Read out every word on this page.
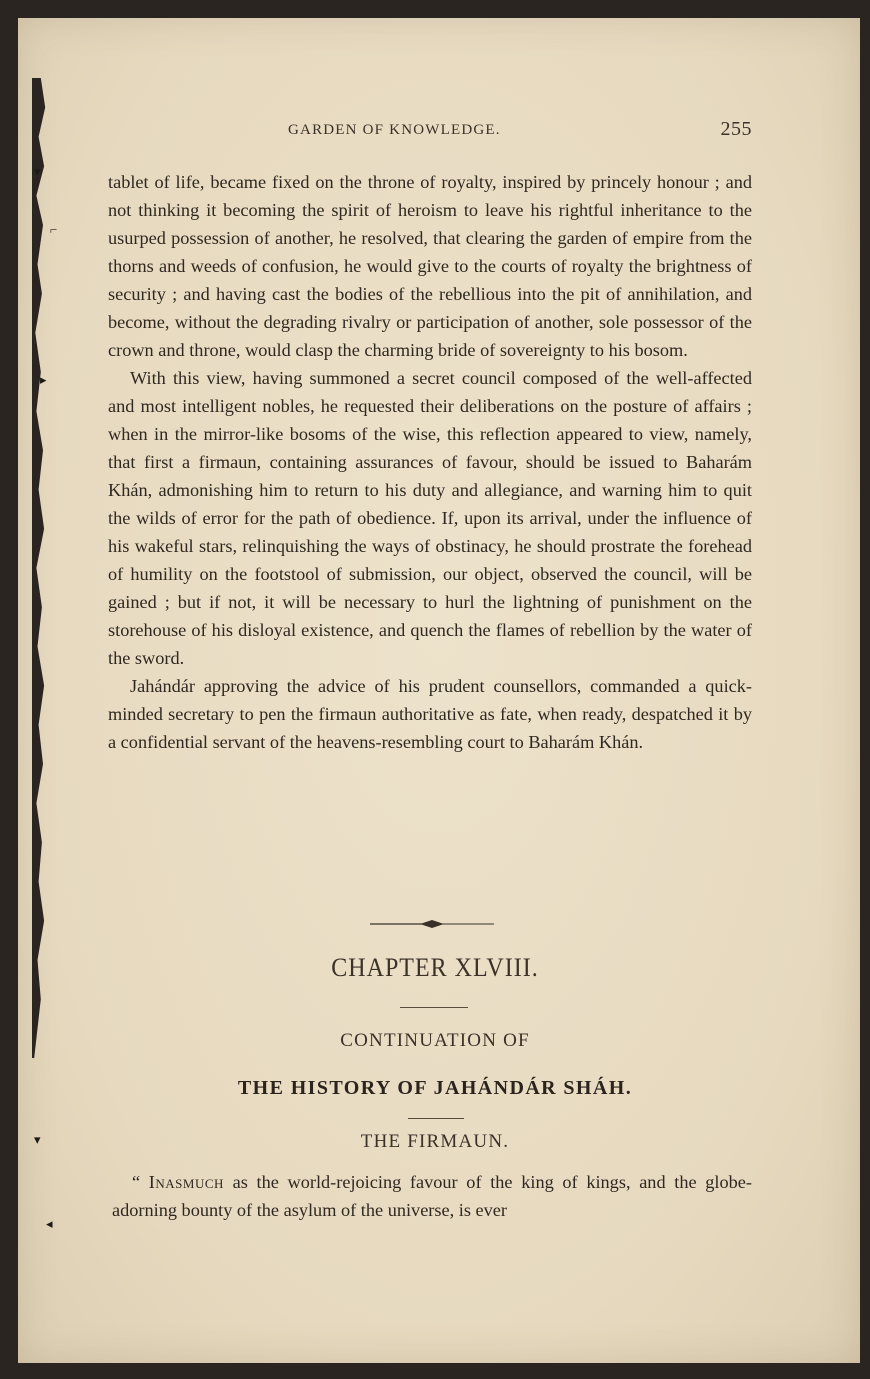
▾
⌐
▸
▾
◂
GARDEN OF KNOWLEDGE.	255

tablet of life, became fixed on the throne of royalty, inspired by princely honour ; and not thinking it becoming the spirit of heroism to leave his rightful inheritance to the usurped possession of another, he resolved, that clearing the garden of empire from the thorns and weeds of confusion, he would give to the courts of royalty the brightness of security ; and having cast the bodies of the rebellious into the pit of annihilation, and become, without the degrading rivalry or participation of another, sole possessor of the crown and throne, would clasp the charming bride of sovereignty to his bosom.

With this view, having summoned a secret council composed of the well-affected and most intelligent nobles, he requested their deliberations on the posture of affairs ; when in the mirror-like bosoms of the wise, this reflection appeared to view, namely, that first a firmaun, containing assurances of favour, should be issued to Baharám Khán, admonishing him to return to his duty and allegiance, and warning him to quit the wilds of error for the path of obedience. If, upon its arrival, under the influence of his wakeful stars, relinquishing the ways of obstinacy, he should prostrate the forehead of humility on the footstool of submission, our object, observed the council, will be gained ; but if not, it will be necessary to hurl the lightning of punishment on the storehouse of his disloyal existence, and quench the flames of rebellion by the water of the sword.

Jahándár approving the advice of his prudent counsellors, commanded a quick-minded secretary to pen the firmaun authoritative as fate, when ready, despatched it by a confidential servant of the heavens-resembling court to Baharám Khán.

CHAPTER XLVIII.
CONTINUATION OF
THE HISTORY OF JAHÁNDÁR SHÁH.
THE FIRMAUN.

“ Inasmuch as the world-rejoicing favour of the king of kings, and the globe-adorning bounty of the asylum of the universe, is ever
